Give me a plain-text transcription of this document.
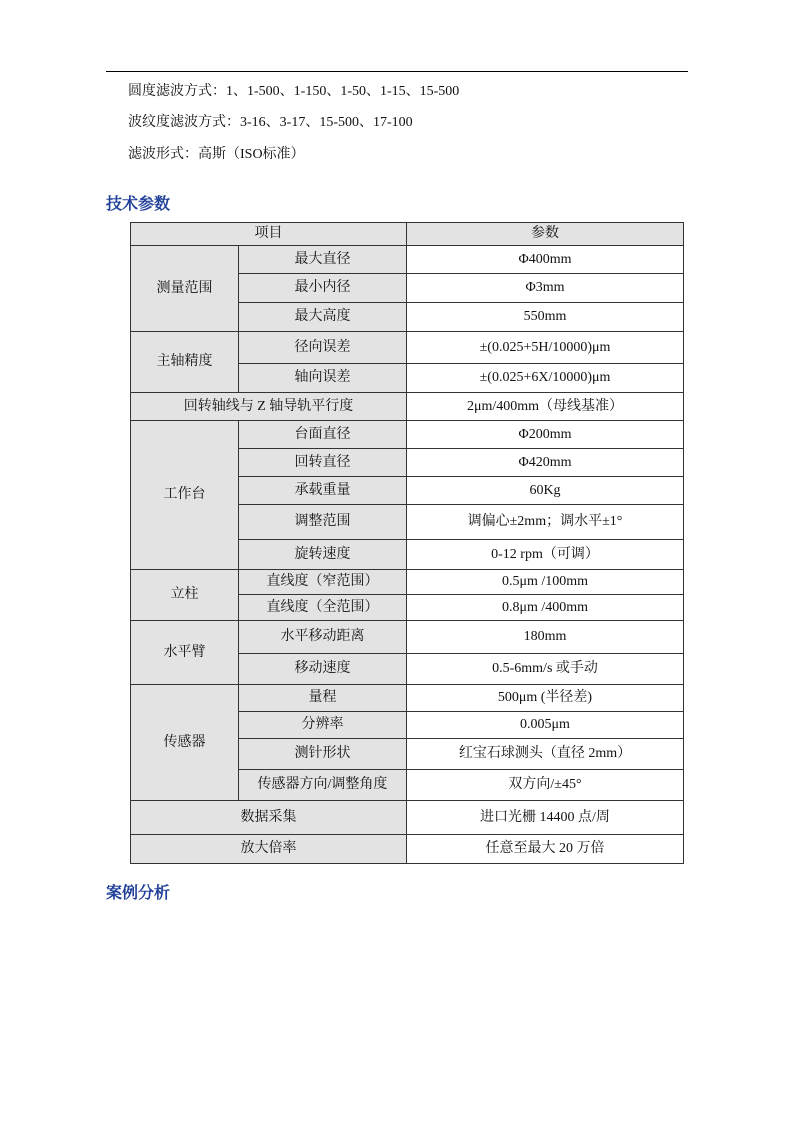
圆度滤波方式：1、1-500、1-150、1-50、1-15、15-500
波纹度滤波方式：3-16、3-17、15-500、17-100
滤波形式：高斯（ISO标准）
技术参数
项目		参数
测量范围	最大直径	Φ400mm
	最小内径	Φ3mm
	最大高度	550mm
主轴精度	径向误差	±(0.025+5H/10000)μm
	轴向误差	±(0.025+6X/10000)μm
回转轴线与 Z 轴导轨平行度		2μm/400mm（母线基准）
工作台	台面直径	Φ200mm
	回转直径	Φ420mm
	承载重量	60Kg
	调整范围	调偏心±2mm；调水平±1°
	旋转速度	0-12 rpm（可调）
立柱	直线度（窄范围）	0.5μm /100mm
	直线度（全范围）	0.8μm /400mm
水平臂	水平移动距离	180mm
	移动速度	0.5-6mm/s 或手动
传感器	量程	500μm (半径差)
	分辨率	0.005μm
	测针形状	红宝石球测头（直径 2mm）
	传感器方向/调整角度	双方向/±45°
数据采集		进口光栅 14400 点/周
放大倍率		任意至最大 20 万倍
案例分析
